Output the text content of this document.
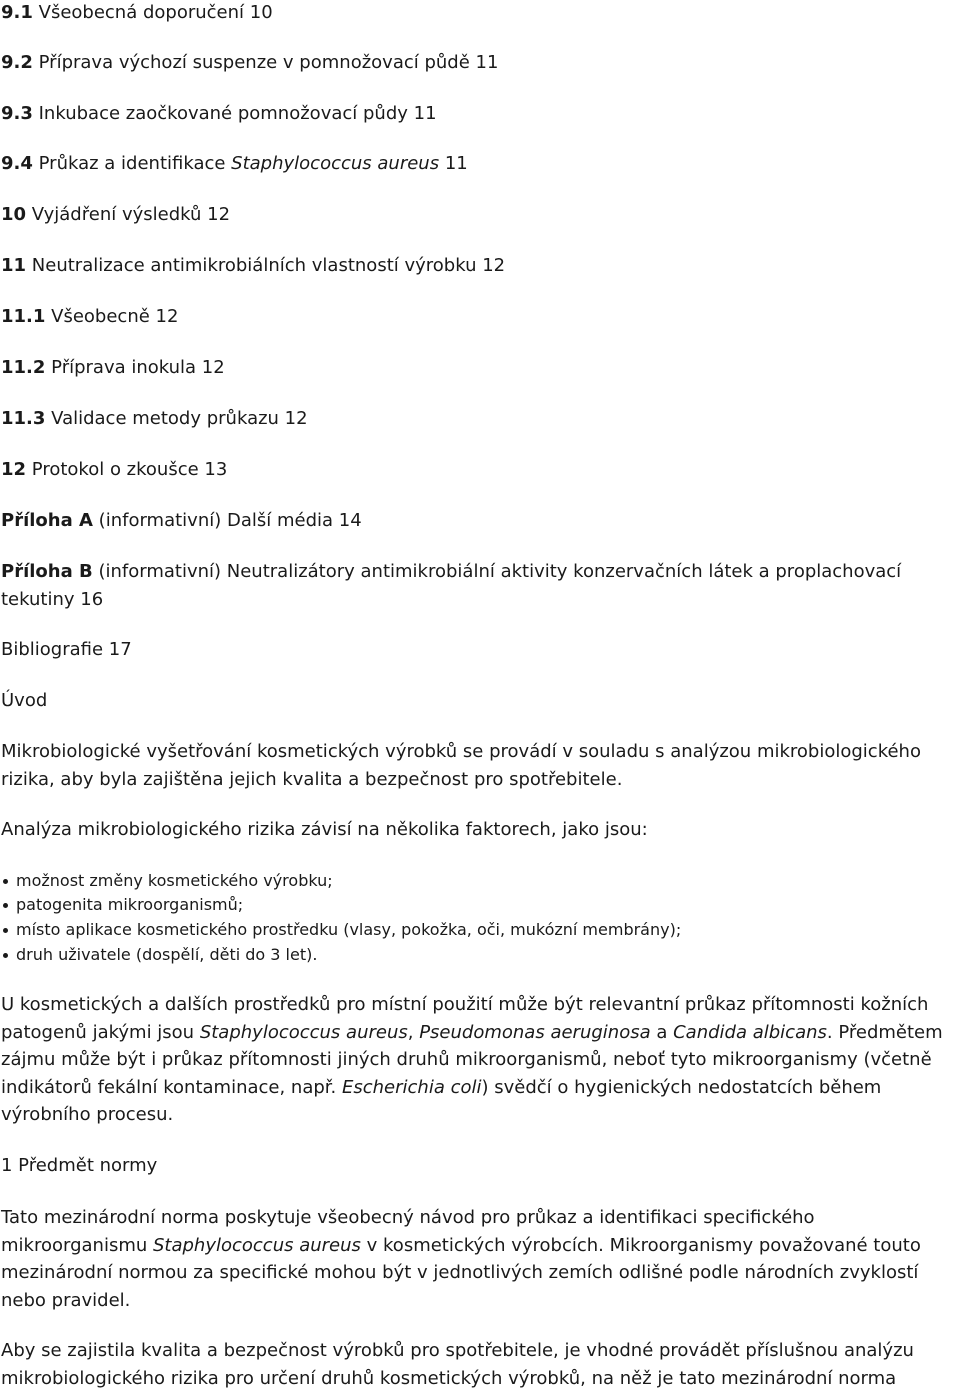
9.1 Všeobecná doporučení 10
9.2 Příprava výchozí suspenze v pomnožovací půdě 11
9.3 Inkubace zaočkované pomnožovací půdy 11
9.4 Průkaz a identifikace Staphylococcus aureus 11
10 Vyjádření výsledků 12
11 Neutralizace antimikrobiálních vlastností výrobku 12
11.1 Všeobecně 12
11.2 Příprava inokula 12
11.3 Validace metody průkazu 12
12 Protokol o zkoušce 13
Příloha A (informativní) Další média 14
Příloha B (informativní) Neutralizátory antimikrobiální aktivity konzervačních látek a proplachovací tekutiny 16
Bibliografie 17
Úvod
Mikrobiologické vyšetřování kosmetických výrobků se provádí v souladu s analýzou mikrobiologického rizika, aby byla zajištěna jejich kvalita a bezpečnost pro spotřebitele.
Analýza mikrobiologického rizika závisí na několika faktorech, jako jsou:
možnost změny kosmetického výrobku;
patogenita mikroorganismů;
místo aplikace kosmetického prostředku (vlasy, pokožka, oči, mukózní membrány);
druh uživatele (dospělí, děti do 3 let).
U kosmetických a dalších prostředků pro místní použití může být relevantní průkaz přítomnosti kožních patogenů jakými jsou Staphylococcus aureus, Pseudomonas aeruginosa a Candida albicans. Předmětem zájmu může být i průkaz přítomnosti jiných druhů mikroorganismů, neboť tyto mikroorganismy (včetně indikátorů fekální kontaminace, např. Escherichia coli) svědčí o hygienických nedostatcích během výrobního procesu.
1 Předmět normy
Tato mezinárodní norma poskytuje všeobecný návod pro průkaz a identifikaci specifického mikroorganismu Staphylococcus aureus v kosmetických výrobcích. Mikroorganismy považované touto mezinárodní normou za specifické mohou být v jednotlivých zemích odlišné podle národních zvyklostí nebo pravidel.
Aby se zajistila kvalita a bezpečnost výrobků pro spotřebitele, je vhodné provádět příslušnou analýzu mikrobiologického rizika pro určení druhů kosmetických výrobků, na něž je tato mezinárodní norma
